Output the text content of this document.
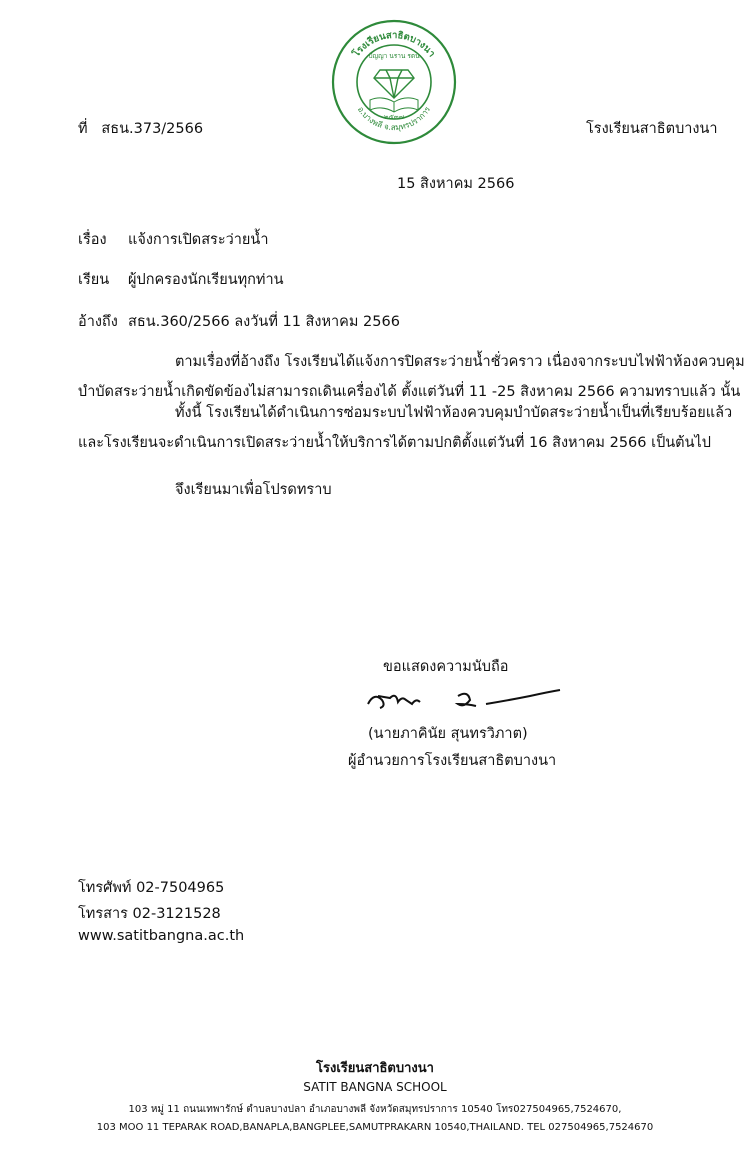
โรงเรียนสาธิตบางนา
อ.บางพลี จ.สมุทรปราการ
ปัญญา นราน รตน
๒๕๓๗
ที่ สธน.373/2566	โรงเรียนสาธิตบางนา
15 สิงหาคม 2566
เรื่อง แจ้งการเปิดสระว่ายน้ำ
เรียน ผู้ปกครองนักเรียนทุกท่าน
อ้างถึง สธน.360/2566 ลงวันที่ 11 สิงหาคม 2566
ตามเรื่องที่อ้างถึง โรงเรียนได้แจ้งการปิดสระว่ายน้ำชั่วคราว เนื่องจากระบบไฟฟ้าห้องควบคุม
บำบัดสระว่ายน้ำเกิดขัดข้องไม่สามารถเดินเครื่องได้ ตั้งแต่วันที่ 11 -25 สิงหาคม 2566 ความทราบแล้ว นั้น
ทั้งนี้ โรงเรียนได้ดำเนินการซ่อมระบบไฟฟ้าห้องควบคุมบำบัดสระว่ายน้ำเป็นที่เรียบร้อยแล้ว
และโรงเรียนจะดำเนินการเปิดสระว่ายน้ำให้บริการได้ตามปกติตั้งแต่วันที่ 16 สิงหาคม 2566 เป็นต้นไป
จึงเรียนมาเพื่อโปรดทราบ
ขอแสดงความนับถือ
(นายภาคินัย สุนทรวิภาต)
ผู้อำนวยการโรงเรียนสาธิตบางนา
โทรศัพท์ 02-7504965
โทรสาร 02-3121528
www.satitbangna.ac.th
โรงเรียนสาธิตบางนา
SATIT BANGNA SCHOOL
103 หมู่ 11 ถนนเทพารักษ์ ตำบลบางปลา อำเภอบางพลี จังหวัดสมุทรปราการ 10540 โทร027504965,7524670,
103 MOO 11 TEPARAK ROAD,BANAPLA,BANGPLEE,SAMUTPRAKARN 10540,THAILAND. TEL 027504965,7524670
